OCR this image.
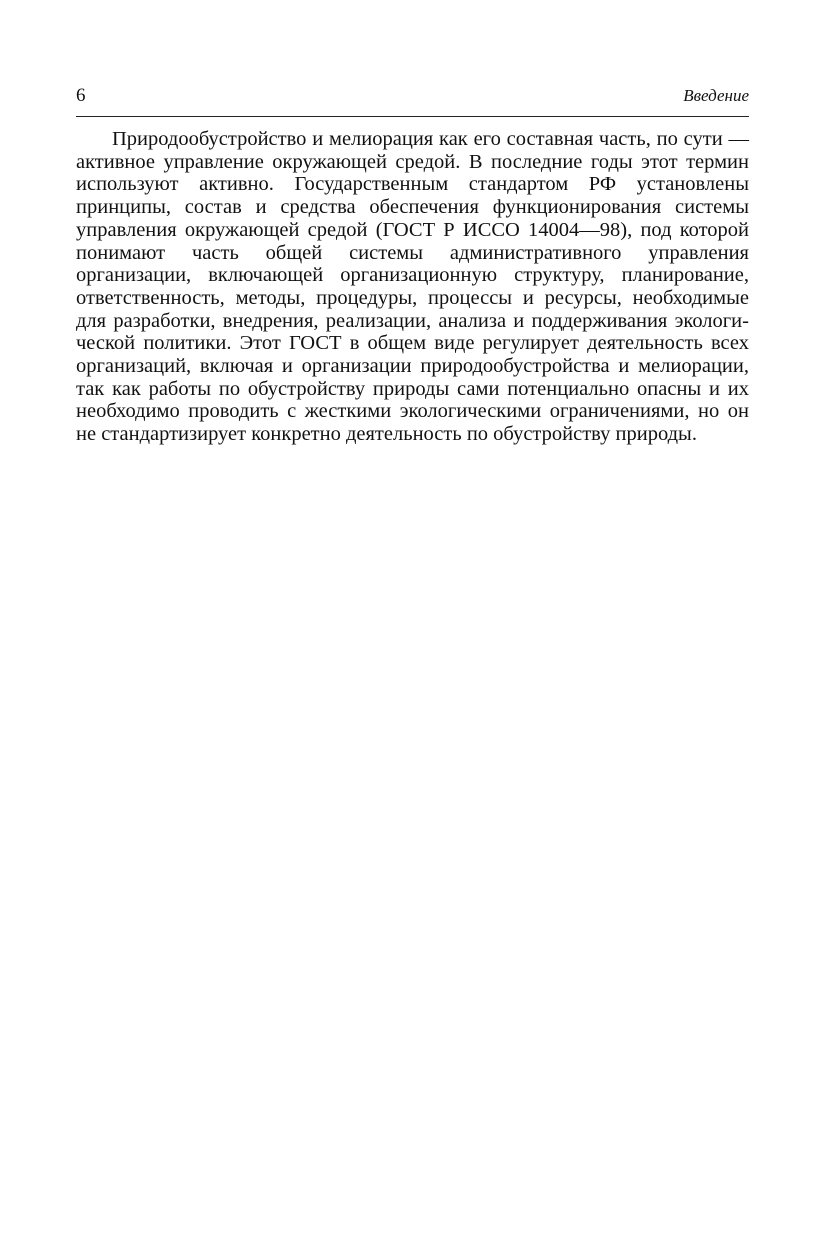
6	Введение

Природообустройство и мелиорация как его составная часть, по сути — активное управление окружающей средой. В последние годы этот термин используют активно. Государственным стандартом РФ установлены принципы, состав и средства обеспечения функционирования системы управления окружающей средой (ГОСТ Р ИССО 14004—98), под которой понимают часть общей системы административного управления организации, включающей организационную структуру, планирование, ответственность, методы, процедуры, процессы и ресурсы, необходимые для разработки, внедрения, реализации, анализа и поддерживания экологической политики. Этот ГОСТ в общем виде регулирует деятельность всех организаций, включая и организации природообустройства и мелиорации, так как работы по обустройству природы сами потенциально опасны и их необходимо проводить с жесткими экологическими ограничениями, но он не стандартизирует конкретно деятельность по обустройству природы.
